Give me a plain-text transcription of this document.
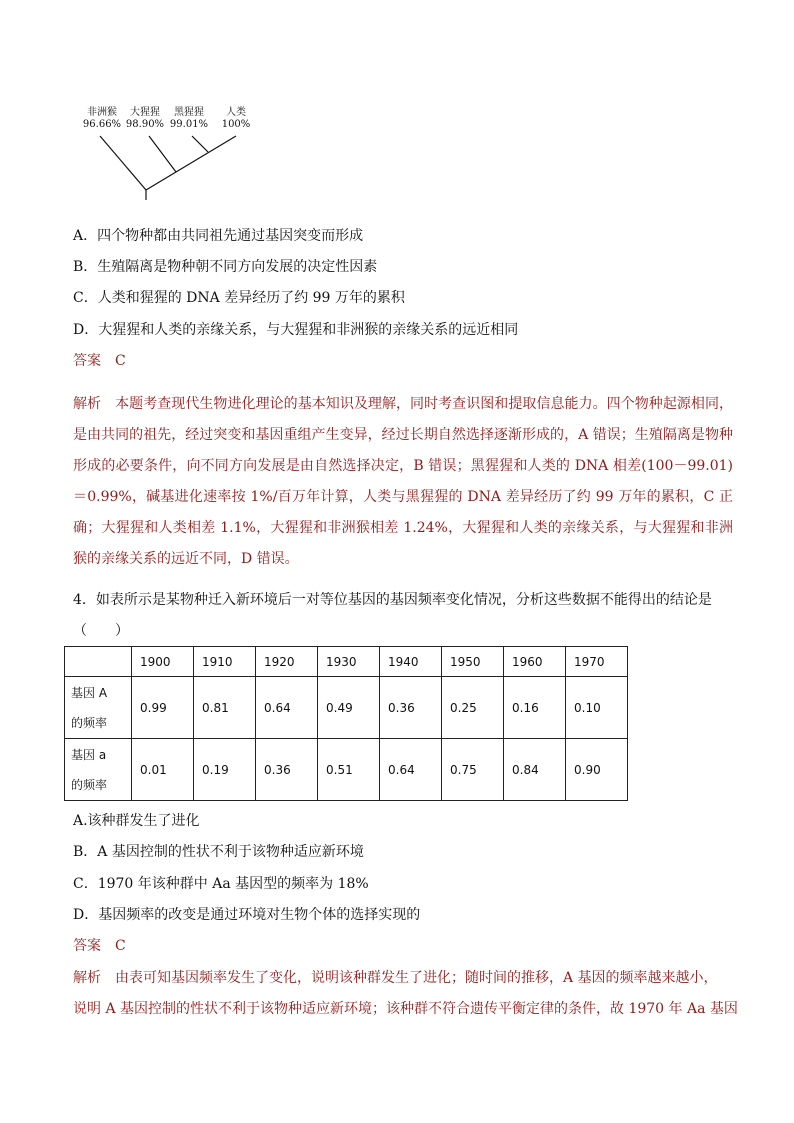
非洲猴
96.66%
大猩猩
98.90%
黑猩猩
99.01%
人类
100%
A．四个物种都由共同祖先通过基因突变而形成
B．生殖隔离是物种朝不同方向发展的决定性因素
C．人类和猩猩的 DNA 差异经历了约 99 万年的累积
D．大猩猩和人类的亲缘关系，与大猩猩和非洲猴的亲缘关系的远近相同
答案　C
解析　本题考查现代生物进化理论的基本知识及理解，同时考查识图和提取信息能力。四个物种起源相同，是由共同的祖先，经过突变和基因重组产生变异，经过长期自然选择逐渐形成的，A 错误；生殖隔离是物种形成的必要条件，向不同方向发展是由自然选择决定，B 错误；黑猩猩和人类的 DNA 相差(100－99.01)＝0.99%，碱基进化速率按 1%/百万年计算，人类与黑猩猩的 DNA 差异经历了约 99 万年的累积，C 正确；大猩猩和人类相差 1.1%，大猩猩和非洲猴相差 1.24%，大猩猩和人类的亲缘关系，与大猩猩和非洲猴的亲缘关系的远近不同，D 错误。
4．如表所示是某物种迁入新环境后一对等位基因的基因频率变化情况，分析这些数据不能得出的结论是
（　　）
	1900	1910	1920	1930	1940	1950	1960	1970

基因 A
的频率	0.99	0.81	0.64	0.49	0.36	0.25	0.16	0.10

基因 a
的频率	0.01	0.19	0.36	0.51	0.64	0.75	0.84	0.90
A.该种群发生了进化
B．A 基因控制的性状不利于该物种适应新环境
C．1970 年该种群中 Aa 基因型的频率为 18%
D．基因频率的改变是通过环境对生物个体的选择实现的
答案　C
解析　由表可知基因频率发生了变化，说明该种群发生了进化；随时间的推移，A 基因的频率越来越小，
说明 A 基因控制的性状不利于该物种适应新环境；该种群不符合遗传平衡定律的条件，故 1970 年 Aa 基因
